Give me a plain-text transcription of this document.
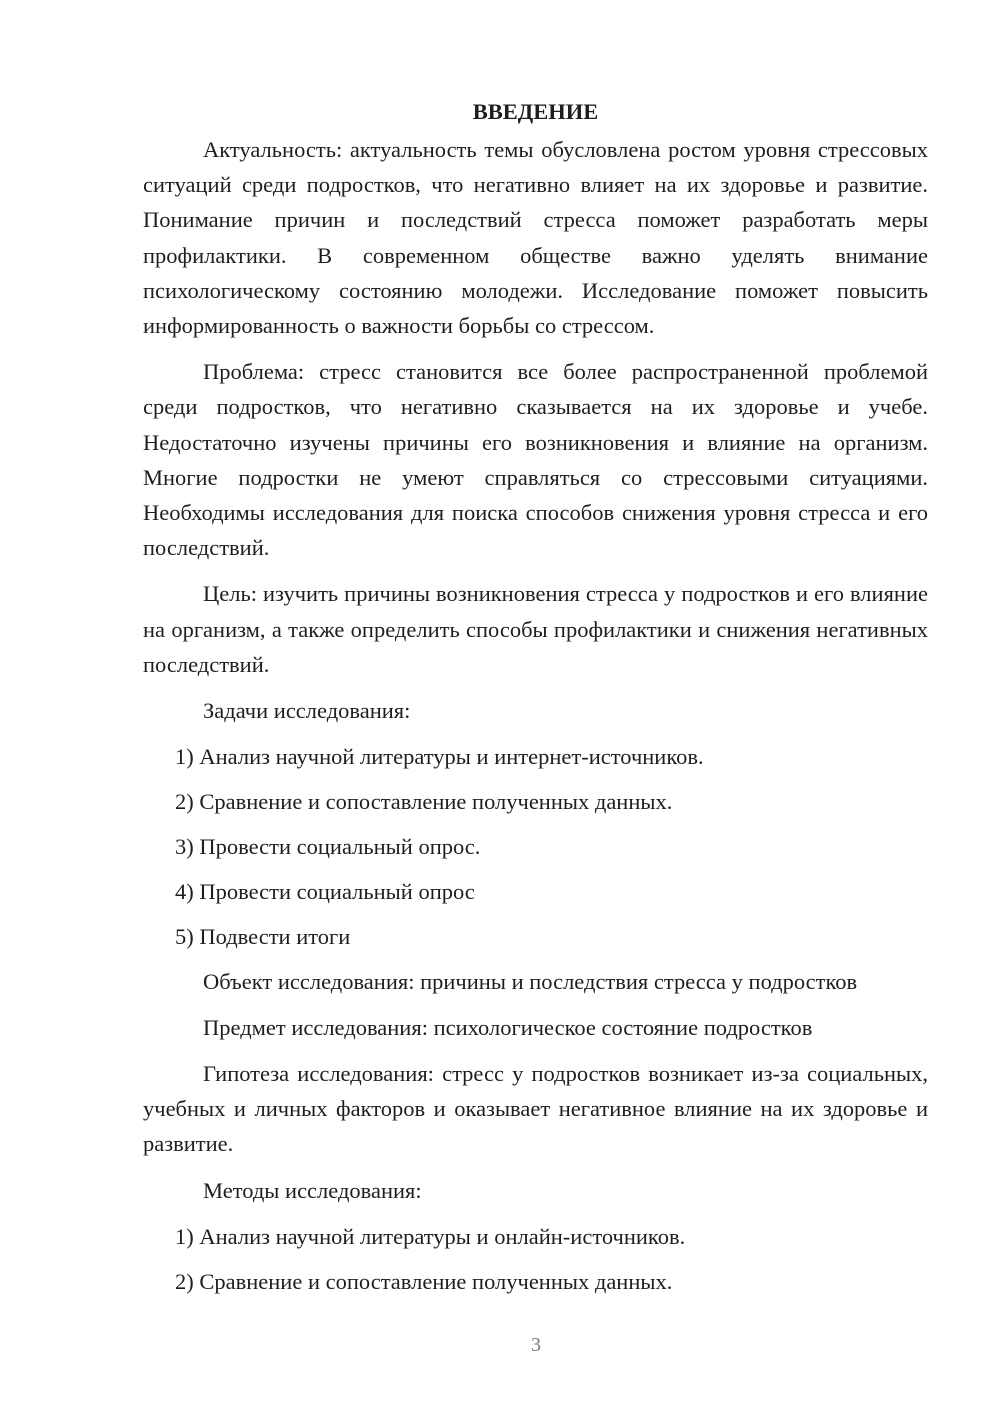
ВВЕДЕНИЕ

Актуальность: актуальность темы обусловлена ростом уровня стрессовых ситуаций среди подростков, что негативно влияет на их здоровье и развитие. Понимание причин и последствий стресса поможет разработать меры профилактики. В современном обществе важно уделять внимание психологическому состоянию молодежи. Исследование поможет повысить информированность о важности борьбы со стрессом.

Проблема: стресс становится все более распространенной проблемой среди подростков, что негативно сказывается на их здоровье и учебе. Недостаточно изучены причины его возникновения и влияние на организм. Многие подростки не умеют справляться со стрессовыми ситуациями. Необходимы исследования для поиска способов снижения уровня стресса и его последствий.

Цель: изучить причины возникновения стресса у подростков и его влияние на организм, а также определить способы профилактики и снижения негативных последствий.

Задачи исследования:
1) Анализ научной литературы и интернет-источников.
2) Сравнение и сопоставление полученных данных.
3) Провести социальный опрос.
4) Провести социальный опрос
5) Подвести итоги
Объект исследования: причины и последствия стресса у подростков
Предмет исследования: психологическое состояние подростков

Гипотеза исследования: стресс у подростков возникает из-за социальных, учебных и личных факторов и оказывает негативное влияние на их здоровье и развитие.

Методы исследования:
1) Анализ научной литературы и онлайн-источников.
2) Сравнение и сопоставление полученных данных.
3
